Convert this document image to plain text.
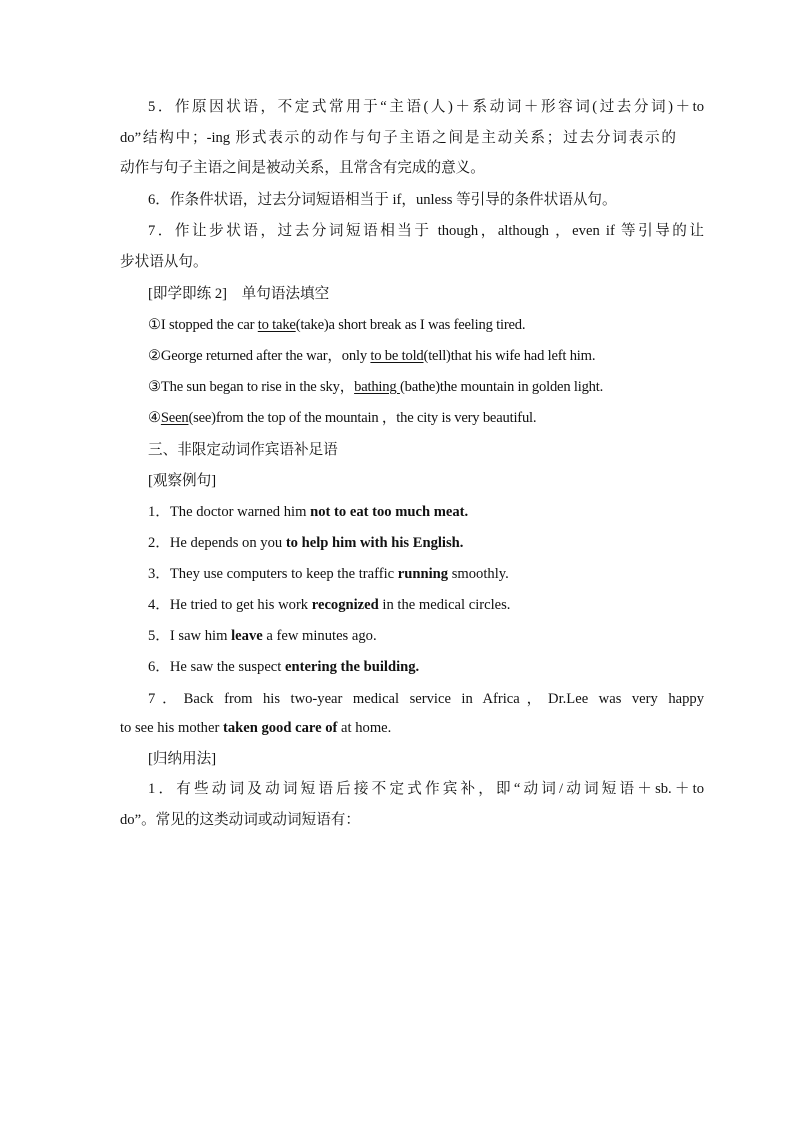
5．作原因状语，不定式常用于“主语(人)＋系动词＋形容词(过去分词)＋to
do”结构中；-ing 形式表示的动作与句子主语之间是主动关系；过去分词表示的
动作与句子主语之间是被动关系，且常含有完成的意义。
6．作条件状语，过去分词短语相当于 if，unless 等引导的条件状语从句。
7．作让步状语，过去分词短语相当于 though，although ，even if 等引导的让
步状语从句。
[即学即练 2]　单句语法填空
①I stopped the car to take(take)a short break as I was feeling tired.
②George returned after the war，only to be told(tell)that his wife had left him.
③The sun began to rise in the sky，bathing (bathe)the mountain in golden light.
④Seen(see)from the top of the mountain ，the city is very beautiful.
三、非限定动词作宾语补足语
[观察例句]
1．The doctor warned him not to eat too much meat.
2．He depends on you to help him with his English.
3．They use computers to keep the traffic running smoothly.
4．He tried to get his work recognized in the medical circles.
5．I saw him leave a few minutes ago.
6．He saw the suspect entering the building.
7．Back from his two-year medical service in Africa，Dr.Lee was very happy
to see his mother taken good care of at home.
[归纳用法]
1．有些动词及动词短语后接不定式作宾补，即“动词/动词短语＋sb.＋to
do”。常见的这类动词或动词短语有：
